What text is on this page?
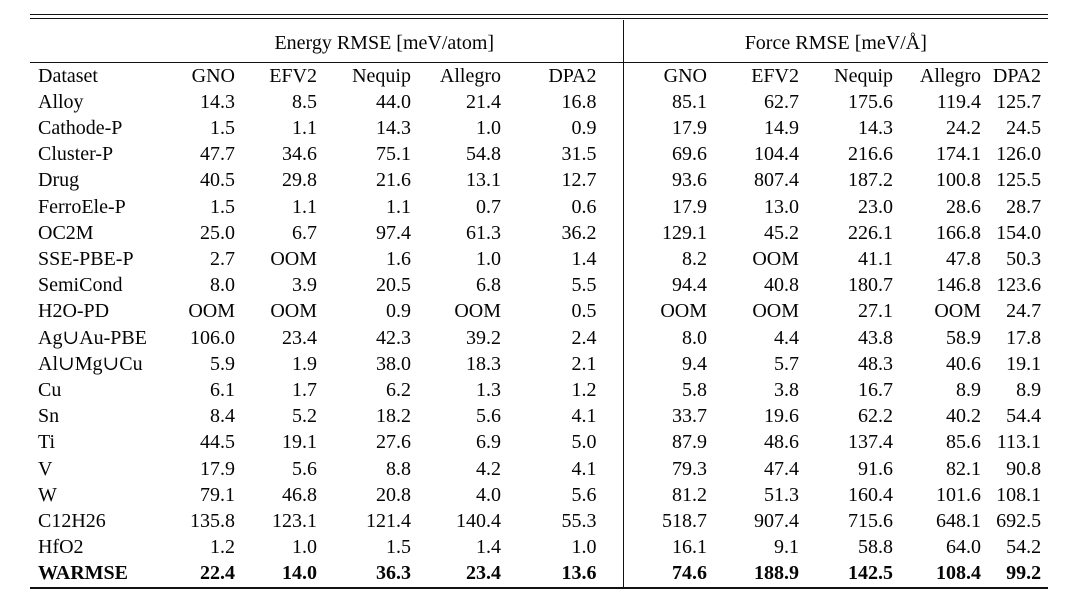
	Energy RMSE [meV/atom]					Force RMSE [meV/Å]				
Dataset	GNO	EFV2	Nequip	Allegro	DPA2	GNO	EFV2	Nequip	Allegro	DPA2
Alloy	14.3	8.5	44.0	21.4	16.8	85.1	62.7	175.6	119.4	125.7
Cathode-P	1.5	1.1	14.3	1.0	0.9	17.9	14.9	14.3	24.2	24.5
Cluster-P	47.7	34.6	75.1	54.8	31.5	69.6	104.4	216.6	174.1	126.0
Drug	40.5	29.8	21.6	13.1	12.7	93.6	807.4	187.2	100.8	125.5
FerroEle-P	1.5	1.1	1.1	0.7	0.6	17.9	13.0	23.0	28.6	28.7
OC2M	25.0	6.7	97.4	61.3	36.2	129.1	45.2	226.1	166.8	154.0
SSE-PBE-P	2.7	OOM	1.6	1.0	1.4	8.2	OOM	41.1	47.8	50.3
SemiCond	8.0	3.9	20.5	6.8	5.5	94.4	40.8	180.7	146.8	123.6
H2O-PD	OOM	OOM	0.9	OOM	0.5	OOM	OOM	27.1	OOM	24.7
Ag∪Au-PBE	106.0	23.4	42.3	39.2	2.4	8.0	4.4	43.8	58.9	17.8
Al∪Mg∪Cu	5.9	1.9	38.0	18.3	2.1	9.4	5.7	48.3	40.6	19.1
Cu	6.1	1.7	6.2	1.3	1.2	5.8	3.8	16.7	8.9	8.9
Sn	8.4	5.2	18.2	5.6	4.1	33.7	19.6	62.2	40.2	54.4
Ti	44.5	19.1	27.6	6.9	5.0	87.9	48.6	137.4	85.6	113.1
V	17.9	5.6	8.8	4.2	4.1	79.3	47.4	91.6	82.1	90.8
W	79.1	46.8	20.8	4.0	5.6	81.2	51.3	160.4	101.6	108.1
C12H26	135.8	123.1	121.4	140.4	55.3	518.7	907.4	715.6	648.1	692.5
HfO2	1.2	1.0	1.5	1.4	1.0	16.1	9.1	58.8	64.0	54.2
WARMSE	22.4	14.0	36.3	23.4	13.6	74.6	188.9	142.5	108.4	99.2
